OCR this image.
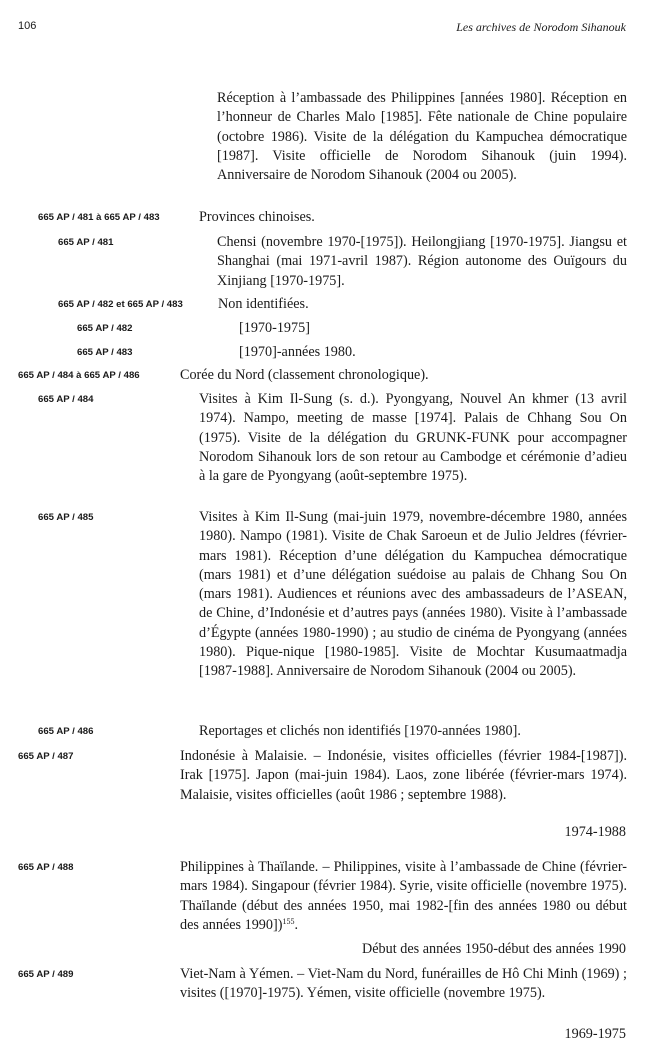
106	Les archives de Norodom Sihanouk
Réception à l’ambassade des Philippines [années 1980]. Réception en l’honneur de Charles Malo [1985]. Fête nationale de Chine populaire (octobre 1986). Visite de la délégation du Kampuchea démocratique [1987]. Visite officielle de Norodom Sihanouk (juin 1994). Anniversaire de Norodom Sihanouk (2004 ou 2005).
665 AP / 481 à 665 AP / 483	Provinces chinoises.
665 AP / 481	Chensi (novembre 1970-[1975]). Heilongjiang [1970-1975]. Jiangsu et Shanghai (mai 1971-avril 1987). Région autonome des Ouïgours du Xinjiang [1970-1975].
665 AP / 482 et 665 AP / 483 Non identifiées.
665 AP / 482	[1970-1975]
665 AP / 483	[1970]-années 1980.
665 AP / 484 à 665 AP / 486	Corée du Nord (classement chronologique).
665 AP / 484	Visites à Kim Il-Sung (s. d.). Pyongyang, Nouvel An khmer (13 avril 1974). Nampo, meeting de masse [1974]. Palais de Chhang Sou On (1975). Visite de la délégation du GRUNK-FUNK pour accompagner Norodom Sihanouk lors de son retour au Cambodge et cérémonie d’adieu à la gare de Pyongyang (août-septembre 1975).
665 AP / 485	Visites à Kim Il-Sung (mai-juin 1979, novembre-décembre 1980, années 1980). Nampo (1981). Visite de Chak Saroeun et de Julio Jeldres (février-mars 1981). Réception d’une délégation du Kampuchea démocratique (mars 1981) et d’une délégation suédoise au palais de Chhang Sou On (mars 1981). Audiences et réunions avec des ambassadeurs de l’ASEAN, de Chine, d’Indonésie et d’autres pays (années 1980). Visite à l’ambassade d’Égypte (années 1980-1990) ; au studio de cinéma de Pyongyang (années 1980). Pique-nique [1980-1985]. Visite de Mochtar Kusumaatmadja [1987-1988]. Anniversaire de Norodom Sihanouk (2004 ou 2005).
665 AP / 486	Reportages et clichés non identifiés [1970-années 1980].
665 AP / 487	Indonésie à Malaisie. – Indonésie, visites officielles (février 1984-[1987]). Irak [1975]. Japon (mai-juin 1984). Laos, zone libérée (février-mars 1974). Malaisie, visites officielles (août 1986 ; septembre 1988).
1974-1988
665 AP / 488	Philippines à Thaïlande. – Philippines, visite à l’ambassade de Chine (février-mars 1984). Singapour (février 1984). Syrie, visite officielle (novembre 1975). Thaïlande (début des années 1950, mai 1982-[fin des années 1980 ou début des années 1990])$^{155}$.
Début des années 1950-début des années 1990
665 AP / 489	Viet-Nam à Yémen. – Viet-Nam du Nord, funérailles de Hô Chi Minh (1969) ; visites ([1970]-1975). Yémen, visite officielle (novembre 1975).
1969-1975
